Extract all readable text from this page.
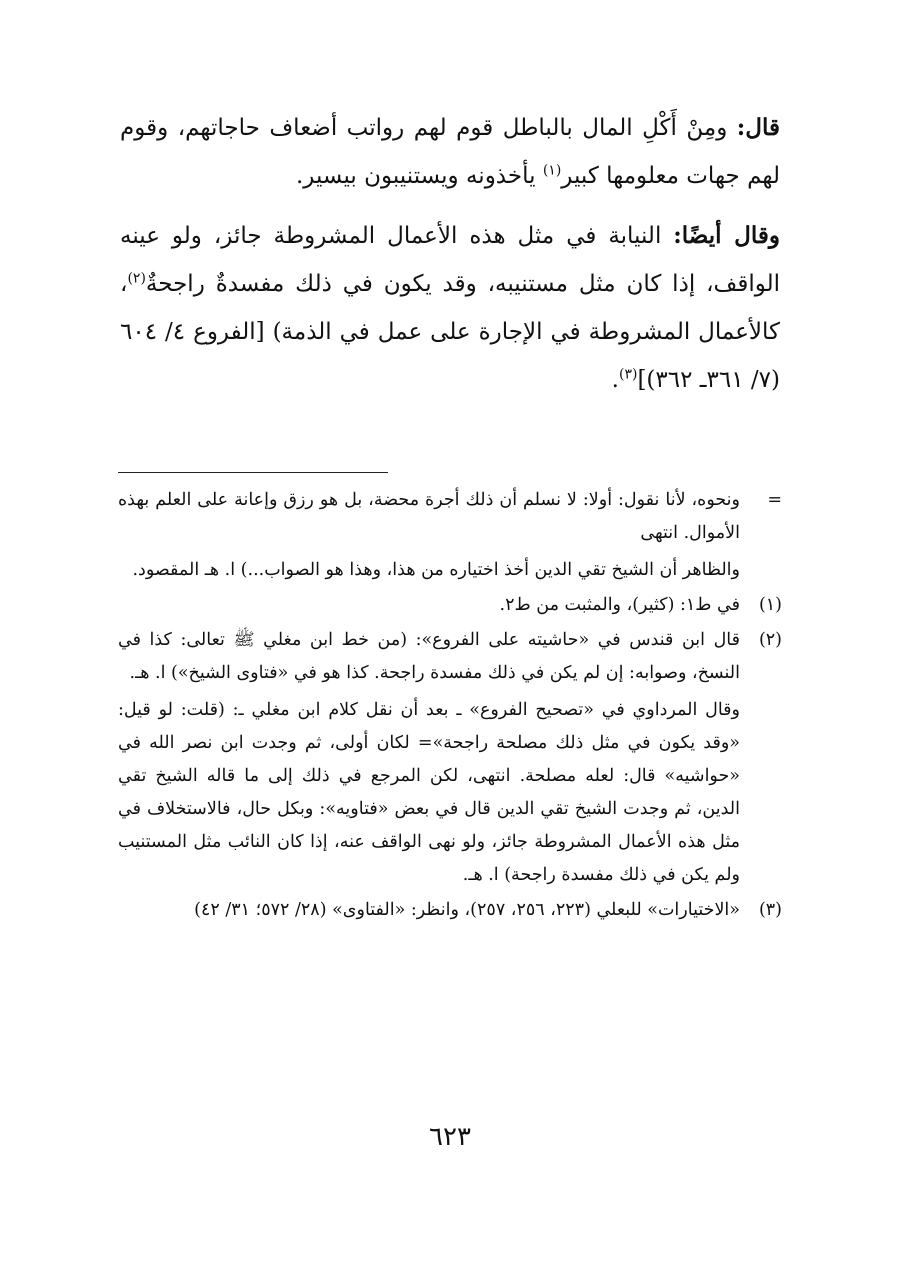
قال: ومِنْ أَكْلِ المال بالباطل قوم لهم رواتب أضعاف حاجاتهم، وقوم لهم جهات معلومها كبير$^{(١)}$ يأخذونه ويستنيبون بيسير.

وقال أيضًا: النيابة في مثل هذه الأعمال المشروطة جائز، ولو عينه الواقف، إذا كان مثل مستنيبه، وقد يكون في ذلك مفسدةٌ راجحةٌ$^{(٢)}$، كالأعمال المشروطة في الإجارة على عمل في الذمة) [الفروع ٤/ ٦٠٤ (٧/ ٣٦١ـ ٣٦٢)]$^{(٣)}$.

=

ونحوه، لأنا نقول: أولا: لا نسلم أن ذلك أجرة محضة، بل هو رزق وإعانة على العلم بهذه الأموال. انتهى

والظاهر أن الشيخ تقي الدين أخذ اختياره من هذا، وهذا هو الصواب...) ا. هـ المقصود.

(١)

في ط١: (كثير)، والمثبت من ط٢.

(٢)

قال ابن قندس في «حاشيته على الفروع»: (من خط ابن مغلي ﷺ تعالى: كذا في النسخ، وصوابه: إن لم يكن في ذلك مفسدة راجحة. كذا هو في «فتاوى الشيخ») ا. هـ.

وقال المرداوي في «تصحيح الفروع» ـ بعد أن نقل كلام ابن مغلي ـ: (قلت: لو قيل: «وقد يكون في مثل ذلك مصلحة راجحة»= لكان أولى، ثم وجدت ابن نصر الله في «حواشيه» قال: لعله مصلحة. انتهى، لكن المرجع في ذلك إلى ما قاله الشيخ تقي الدين، ثم وجدت الشيخ تقي الدين قال في بعض «فتاويه»: وبكل حال، فالاستخلاف في مثل هذه الأعمال المشروطة جائز، ولو نهى الواقف عنه، إذا كان النائب مثل المستنيب ولم يكن في ذلك مفسدة راجحة) ا. هـ.

(٣)

«الاختيارات» للبعلي (٢٢٣، ٢٥٦، ٢٥٧)، وانظر: «الفتاوى» (٢٨/ ٥٧٢؛ ٣١/ ٤٢)

٦٢٣
